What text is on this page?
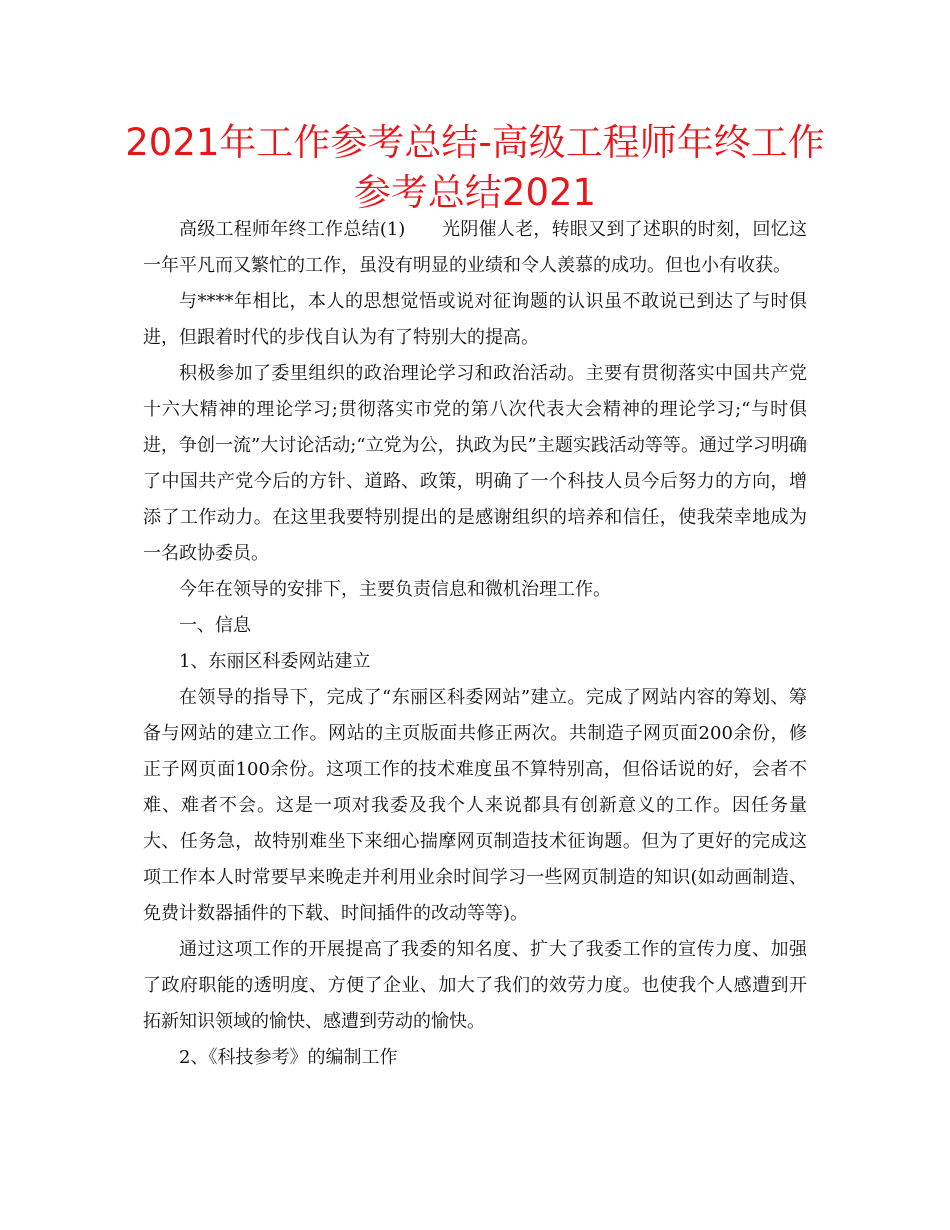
2021年工作参考总结-高级工程师年终工作参考总结2021

高级工程师年终工作总结(1)　　光阴催人老，转眼又到了述职的时刻，回忆这一年平凡而又繁忙的工作，虽没有明显的业绩和令人羡慕的成功。但也小有收获。

与****年相比，本人的思想觉悟或说对征询题的认识虽不敢说已到达了与时俱进，但跟着时代的步伐自认为有了特别大的提高。

积极参加了委里组织的政治理论学习和政治活动。主要有贯彻落实中国共产党十六大精神的理论学习;贯彻落实市党的第八次代表大会精神的理论学习;“与时俱进，争创一流”大讨论活动;“立党为公，执政为民”主题实践活动等等。通过学习明确了中国共产党今后的方针、道路、政策，明确了一个科技人员今后努力的方向，增添了工作动力。在这里我要特别提出的是感谢组织的培养和信任，使我荣幸地成为一名政协委员。

今年在领导的安排下，主要负责信息和微机治理工作。

一、信息

1、东丽区科委网站建立

在领导的指导下，完成了“东丽区科委网站”建立。完成了网站内容的筹划、筹备与网站的建立工作。网站的主页版面共修正两次。共制造子网页面200余份，修正子网页面100余份。这项工作的技术难度虽不算特别高，但俗话说的好，会者不难、难者不会。这是一项对我委及我个人来说都具有创新意义的工作。因任务量大、任务急，故特别难坐下来细心揣摩网页制造技术征询题。但为了更好的完成这项工作本人时常要早来晚走并利用业余时间学习一些网页制造的知识(如动画制造、免费计数器插件的下载、时间插件的改动等等)。

通过这项工作的开展提高了我委的知名度、扩大了我委工作的宣传力度、加强了政府职能的透明度、方便了企业、加大了我们的效劳力度。也使我个人感遭到开拓新知识领域的愉快、感遭到劳动的愉快。

2、《科技参考》的编制工作
